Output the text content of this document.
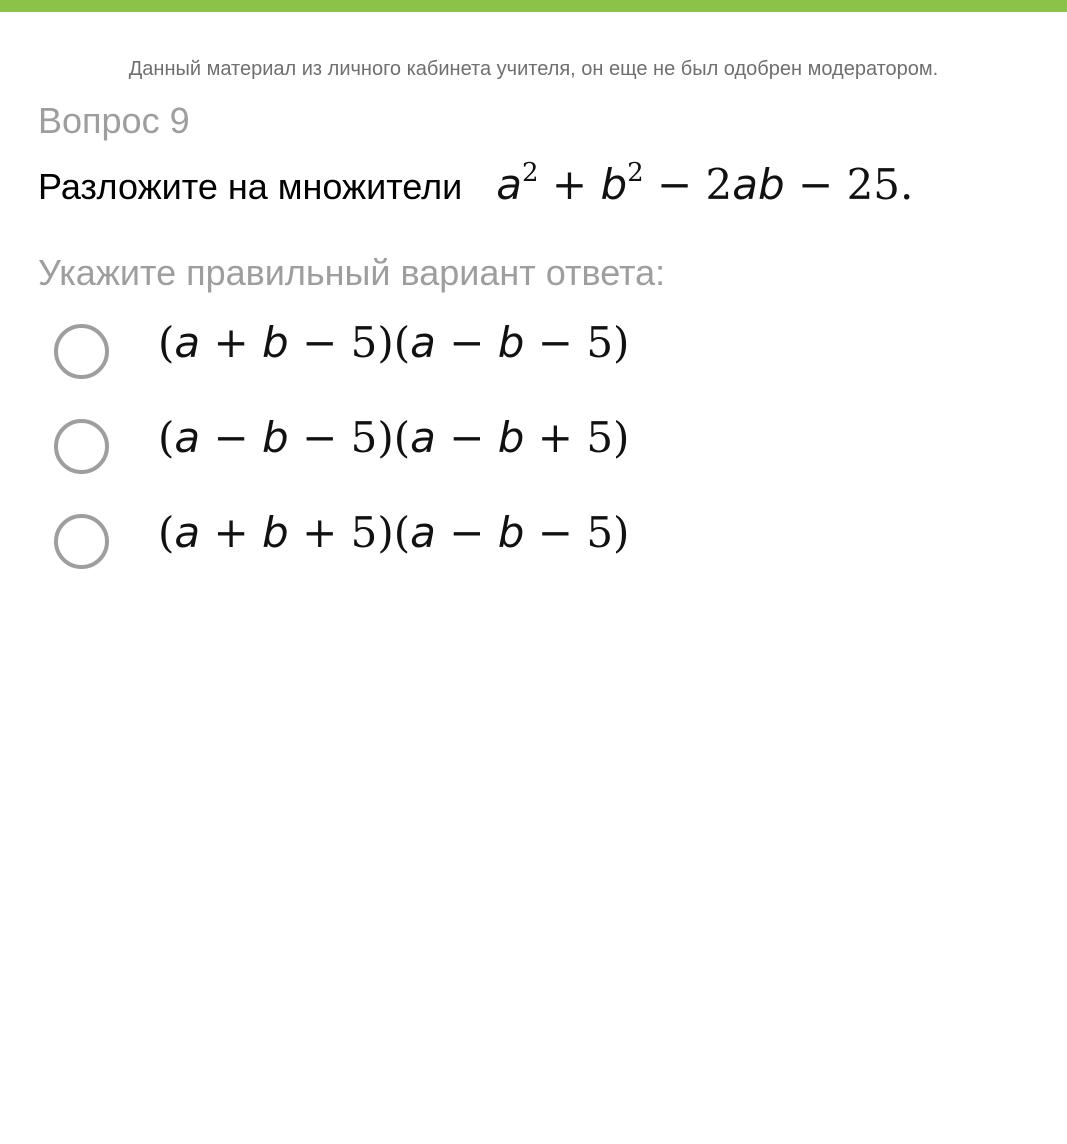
Данный материал из личного кабинета учителя, он еще не был одобрен модератором.
Вопрос 9
Разложите на множители $a^2 + b^2 - 2ab - 25$.
Укажите правильный вариант ответа:
(a + b − 5)(a − b − 5)
(a − b − 5)(a − b + 5)
(a + b + 5)(a − b − 5)
